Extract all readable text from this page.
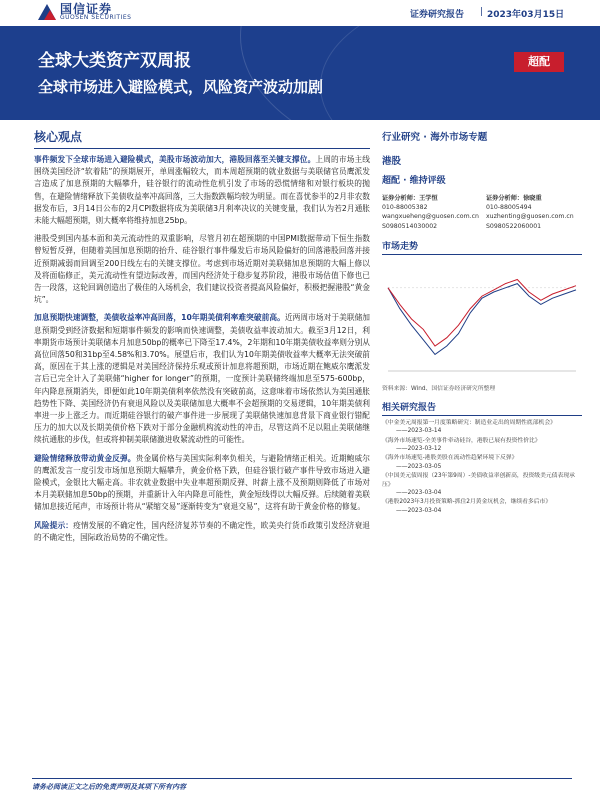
国信证券
GUOSEN SECURITIES	证券研究报告 | 2023年03月15日
全球大类资产双周报
全球市场进入避险模式，风险资产波动加剧
超配
核心观点

事件频发下全球市场进入避险模式，美股市场波动加大，港股回落至关键支撑位。上周的市场主线围绕美国经济“软着陆”的预期展开，单周涨幅较大，而本周超预期的就业数据与美联储官员鹰派发言造成了加息预期的大幅攀升，硅谷银行的流动性危机引发了市场的恐慌情绪和对银行板块的抛售，在避险情绪释放下美债收益率冲高回落，三大指数跌幅均较为明显。而在喜忧参半的2月非农数据发布后，3月14日公布的2月CPI数据将成为美联储3月利率决议的关键变量，我们认为若2月通胀未能大幅超预期，则大概率将维持加息25bp。

港股受到国内基本面和美元流动性的双重影响，尽管月初在超预期的中国PMI数据带动下恒生指数曾短暂反弹，但随着美国加息预期的抬升、硅谷银行事件爆发后市场风险偏好的回落港股回落并接近预期减弱而回调至200日线左右的关键支撑位。考虑到市场近期对美联储加息预期的大幅上修以及将面临修正，美元流动性有望边际改善，而国内经济处于稳步复苏阶段，港股市场估值下修也已告一段落，这轮回调创造出了极佳的入场机会，我们建议投资者提高风险偏好，积极把握港股“黄金坑”。

加息预期快速调整，美债收益率冲高回落，10年期美债利率难突破前高。近两周市场对于美联储加息预期受到经济数据和短期事件频发的影响而快速调整，美债收益率波动加大。截至3月12日，利率期货市场预计美联储本月加息50bp的概率已下降至17.4%，2年期和10年期美债收益率则分别从高位回落50和31bp至4.58%和3.70%。展望后市，我们认为10年期美债收益率大概率无法突破前高，原因在于其上涨的逻辑是对美国经济保持乐观或预计加息将超预期，市场近期在鲍威尔鹰派发言后已完全计入了美联储“higher for longer”的预期，一度预计美联储终端加息至575-600bp，年内降息预期消失，即便如此10年期美债利率依然没有突破前高，这意味着市场依然认为美国通胀趋势性下降、美国经济仍有衰退风险以及美联储加息大概率不会超预期的交易逻辑，10年期美债利率进一步上涨乏力。而近期硅谷银行的破产事件进一步展现了美联储快速加息背景下商业银行错配压力的加大以及长期美债价格下跌对于部分金融机构流动性的冲击，尽管这尚不足以阻止美联储继续抗通胀的步伐，但或将抑制美联储激进收紧流动性的可能性。

避险情绪释放带动黄金反弹。贵金属价格与美国实际利率负相关，与避险情绪正相关。近期鲍威尔的鹰派发言一度引发市场加息预期大幅攀升，黄金价格下跌，但硅谷银行破产事件导致市场进入避险模式，金银比大幅走高。非农就业数据中失业率超预期反弹、时薪上涨不及预期则降低了市场对本月美联储加息50bp的预期，并重新计入年内降息可能性，黄金短线得以大幅反弹。后续随着美联储加息接近尾声，市场预计将从“紧缩交易”逐渐转变为“衰退交易”，这将有助于黄金价格的修复。

风险提示：疫情发展的不确定性，国内经济复苏节奏的不确定性，欧美央行货币政策引发经济衰退的不确定性，国际政治局势的不确定性。

行业研究 · 海外市场专题
港股
超配 · 维持评级
证券分析师：王学恒
010-88005382
wangxueheng@guosen.com.cn
S0980514030002
证券分析师：徐晓重
010-88005494
xuzhenting@guosen.com.cn
S0980522060001
市场走势
资料来源：Wind、国信证券经济研究所整理
相关研究报告
《中金美元周报第一月度策略研究：制造业走出的周期性底部机会》
——2023-03-14
《海外市场速览-全美事件牵动硅谷，港股已展有投资性价比》
——2023-03-12
《海外市场速览-港股美股在流动性趋紧环境下反弹》
——2023-03-05
《中国美元债周报（23年第9周）-美债收益率创新高，投资级美元债表现承压》
——2023-03-04
《港股2023年3月投资策略-抓住2月黄金坑机会，继续看多后市》
——2023-03-04
请务必阅读正文之后的免责声明及其项下所有内容
